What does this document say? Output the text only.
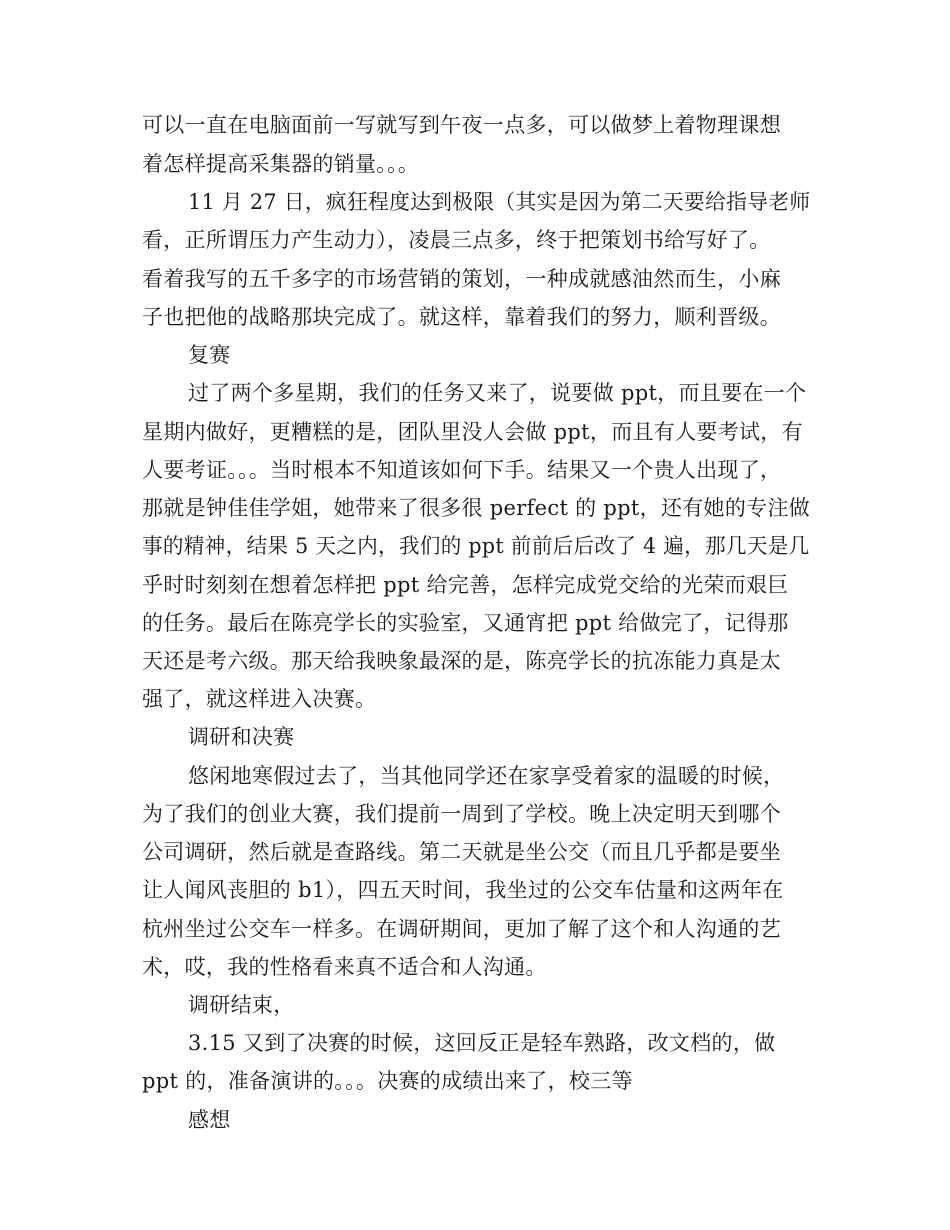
可以一直在电脑面前一写就写到午夜一点多，可以做梦上着物理课想
着怎样提高采集器的销量。。。
11 月 27 日，疯狂程度达到极限（其实是因为第二天要给指导老师
看，正所谓压力产生动力），凌晨三点多，终于把策划书给写好了。
看着我写的五千多字的市场营销的策划，一种成就感油然而生，小麻
子也把他的战略那块完成了。就这样，靠着我们的努力，顺利晋级。
复赛
过了两个多星期，我们的任务又来了，说要做 ppt，而且要在一个
星期内做好，更糟糕的是，团队里没人会做 ppt，而且有人要考试，有
人要考证。。。当时根本不知道该如何下手。结果又一个贵人出现了，
那就是钟佳佳学姐，她带来了很多很 perfect 的 ppt，还有她的专注做
事的精神，结果 5 天之内，我们的 ppt 前前后后改了 4 遍，那几天是几
乎时时刻刻在想着怎样把 ppt 给完善，怎样完成党交给的光荣而艰巨
的任务。最后在陈亮学长的实验室，又通宵把 ppt 给做完了，记得那
天还是考六级。那天给我映象最深的是，陈亮学长的抗冻能力真是太
强了，就这样进入决赛。
调研和决赛
悠闲地寒假过去了，当其他同学还在家享受着家的温暖的时候，
为了我们的创业大赛，我们提前一周到了学校。晚上决定明天到哪个
公司调研，然后就是查路线。第二天就是坐公交（而且几乎都是要坐
让人闻风丧胆的 b1），四五天时间，我坐过的公交车估量和这两年在
杭州坐过公交车一样多。在调研期间，更加了解了这个和人沟通的艺
术，哎，我的性格看来真不适合和人沟通。
调研结束，
3.15 又到了决赛的时候，这回反正是轻车熟路，改文档的，做
ppt 的，准备演讲的。。。决赛的成绩出来了，校三等
感想
